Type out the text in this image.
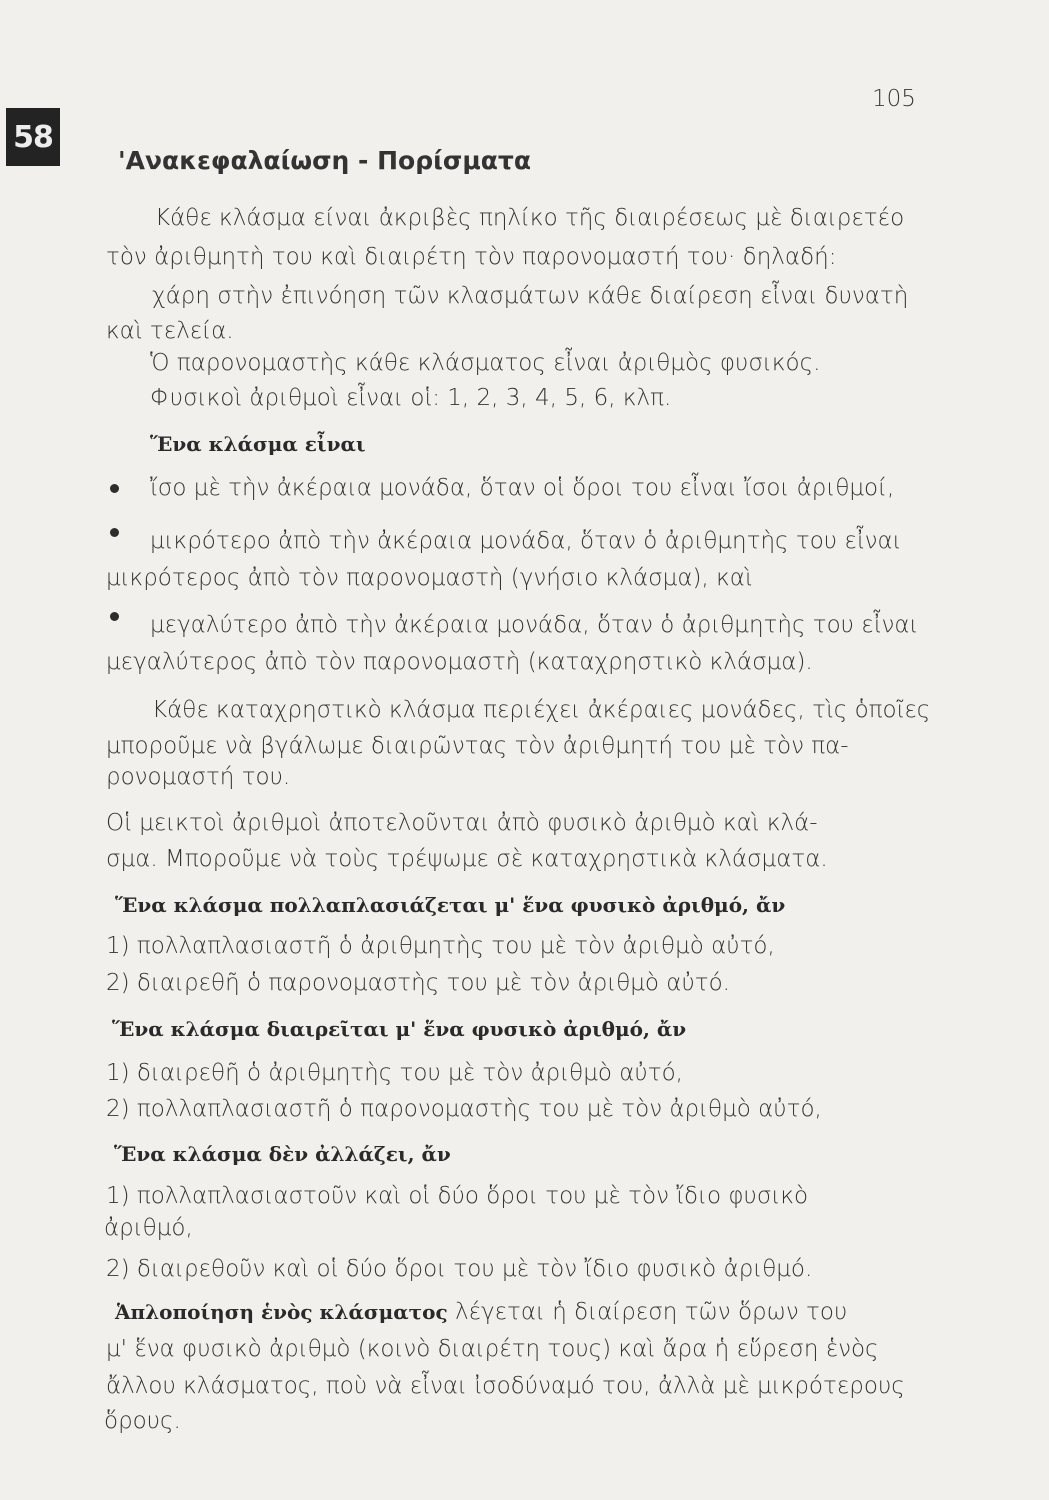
105
58
'Ανακεφαλαίωση - Πορίσματα
Κάθε κλάσμα είναι ἀκριβὲς πηλίκο τῆς διαιρέσεως μὲ διαιρετέο
τὸν ἀριθμητὴ του καὶ διαιρέτη τὸν παρονομαστή του· δηλαδή:
χάρη στὴν ἐπινόηση τῶν κλασμάτων κάθε διαίρεση εἶναι δυνατὴ
καὶ τελεία.
Ὁ παρονομαστὴς κάθε κλάσματος εἶναι ἀριθμὸς φυσικός.
Φυσικοὶ ἀριθμοὶ εἶναι οἱ: 1, 2, 3, 4, 5, 6, κλπ.
Ἕνα κλάσμα εἶναι
ἴσο μὲ τὴν ἀκέραια μονάδα, ὅταν οἱ ὅροι του εἶναι ἴσοι ἀριθμοί,
μικρότερο ἀπὸ τὴν ἀκέραια μονάδα, ὅταν ὁ ἀριθμητὴς του εἶναι
μικρότερος ἀπὸ τὸν παρονομαστὴ (γνήσιο κλάσμα), καὶ
μεγαλύτερο ἀπὸ τὴν ἀκέραια μονάδα, ὅταν ὁ ἀριθμητὴς του εἶναι
μεγαλύτερος ἀπὸ τὸν παρονομαστὴ (καταχρηστικὸ κλάσμα).
Κάθε καταχρηστικὸ κλάσμα περιέχει ἀκέραιες μονάδες, τὶς ὁποῖες
μποροῦμε νὰ βγάλωμε διαιρῶντας τὸν ἀριθμητή του μὲ τὸν πα-
ρονομαστή του.
Οἱ μεικτοὶ ἀριθμοὶ ἀποτελοῦνται ἀπὸ φυσικὸ ἀριθμὸ καὶ κλά-
σμα. Μποροῦμε νὰ τοὺς τρέψωμε σὲ καταχρηστικὰ κλάσματα.
Ἕνα κλάσμα πολλαπλασιάζεται μ' ἕνα φυσικὸ ἀριθμό, ἄν
1) πολλαπλασιαστῆ ὁ ἀριθμητὴς του μὲ τὸν ἀριθμὸ αὐτό,
2) διαιρεθῆ ὁ παρονομαστὴς του μὲ τὸν ἀριθμὸ αὐτό.
Ἕνα κλάσμα διαιρεῖται μ' ἕνα φυσικὸ ἀριθμό, ἄν
1) διαιρεθῆ ὁ ἀριθμητὴς του μὲ τὸν ἀριθμὸ αὐτό,
2) πολλαπλασιαστῆ ὁ παρονομαστὴς του μὲ τὸν ἀριθμὸ αὐτό,
Ἕνα κλάσμα δὲν ἀλλάζει, ἄν
1) πολλαπλασιαστοῦν καὶ οἱ δύο ὅροι του μὲ τὸν ἴδιο φυσικὸ
ἀριθμό,
2) διαιρεθοῦν καὶ οἱ δύο ὅροι του μὲ τὸν ἴδιο φυσικὸ ἀριθμό.
Ἁπλοποίηση ἑνὸς κλάσματος λέγεται ἡ διαίρεση τῶν ὅρων του
μ' ἕνα φυσικὸ ἀριθμὸ (κοινὸ διαιρέτη τους) καὶ ἄρα ἡ εὕρεση ἑνὸς
ἄλλου κλάσματος, ποὺ νὰ εἶναι ἰσοδύναμό του, ἀλλὰ μὲ μικρότερους
ὅρους.
